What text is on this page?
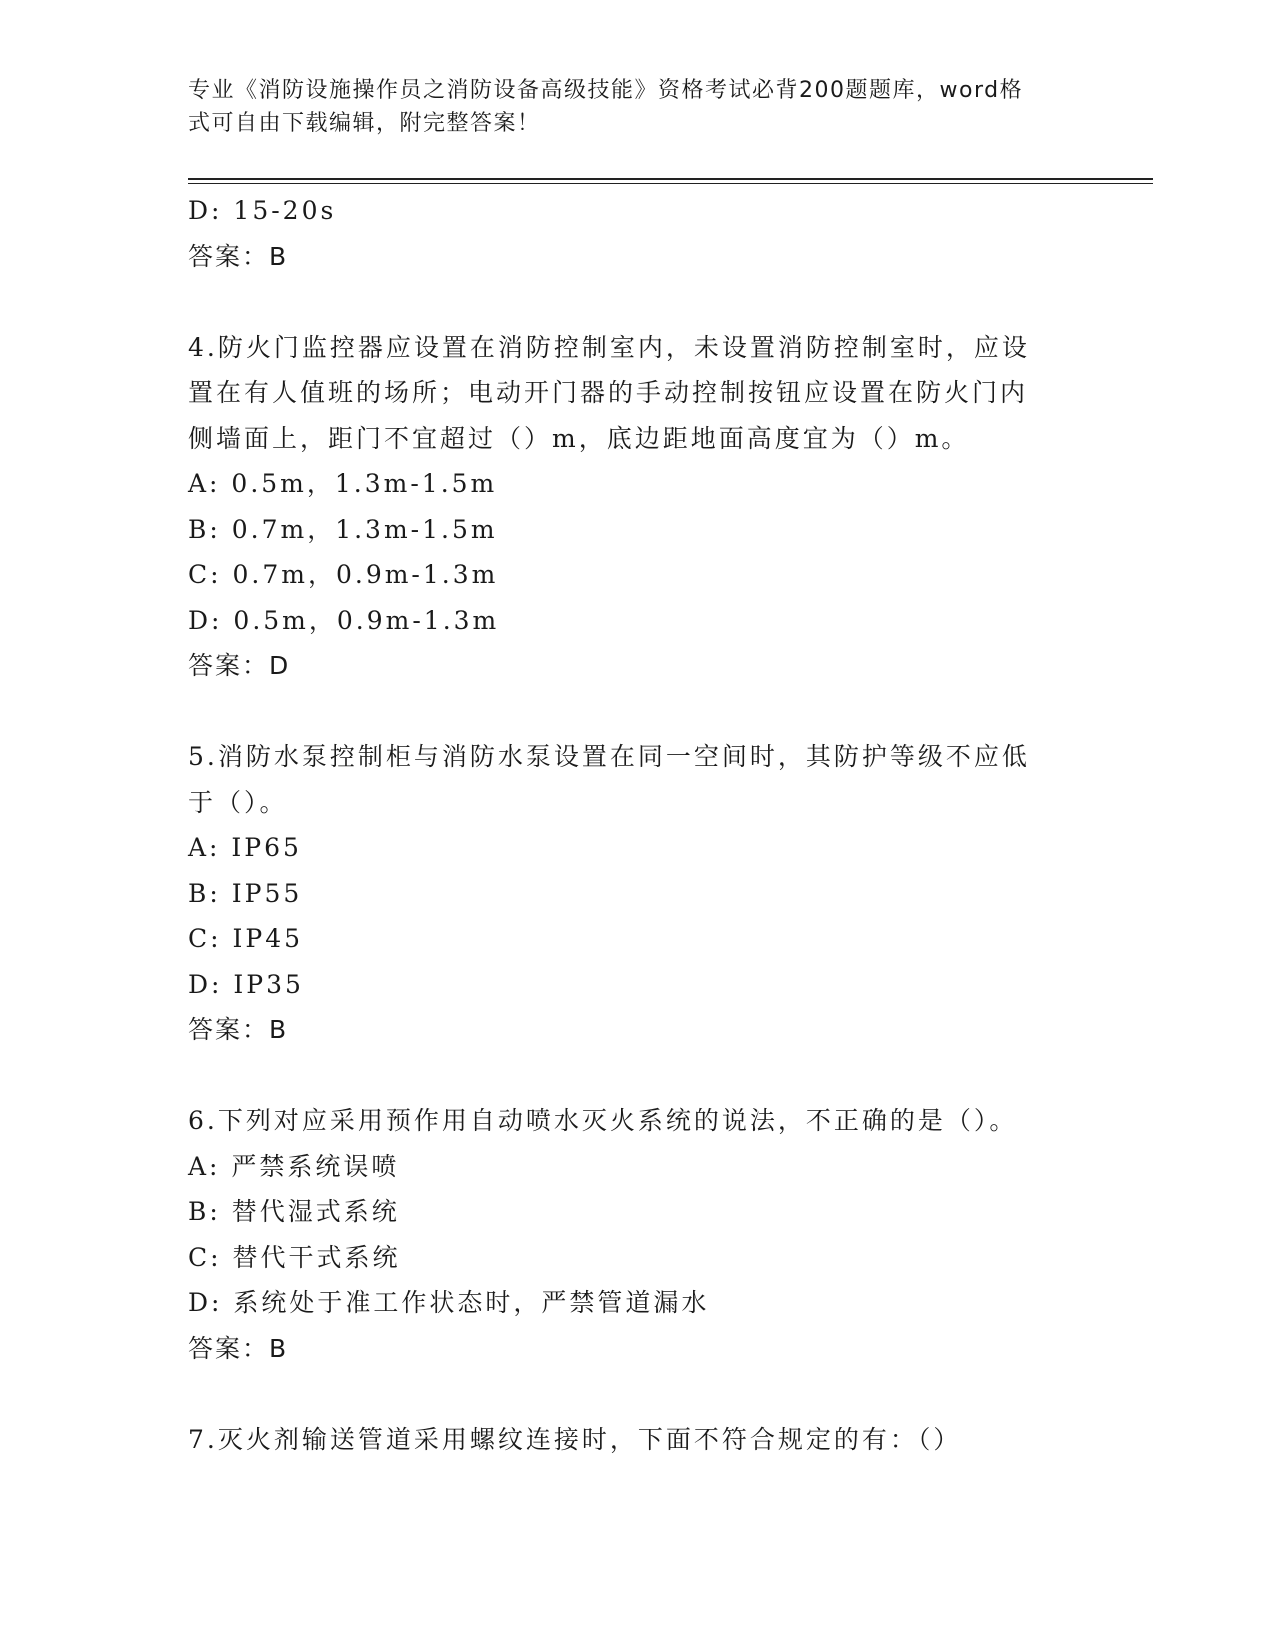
专业《消防设施操作员之消防设备高级技能》资格考试必背200题题库，word格
式可自由下载编辑，附完整答案！
D: 15-20s
答案：B
4.防火门监控器应设置在消防控制室内，未设置消防控制室时，应设
置在有人值班的场所；电动开门器的手动控制按钮应设置在防火门内
侧墙面上，距门不宜超过（）m，底边距地面高度宜为（）m。
A: 0.5m，1.3m-1.5m
B: 0.7m，1.3m-1.5m
C: 0.7m，0.9m-1.3m
D: 0.5m，0.9m-1.3m
答案：D
5.消防水泵控制柜与消防水泵设置在同一空间时，其防护等级不应低
于（）。
A: IP65
B: IP55
C: IP45
D: IP35
答案：B
6.下列对应采用预作用自动喷水灭火系统的说法，不正确的是（）。
A: 严禁系统误喷
B: 替代湿式系统
C: 替代干式系统
D: 系统处于准工作状态时，严禁管道漏水
答案：B
7.灭火剂输送管道采用螺纹连接时，下面不符合规定的有：（）
